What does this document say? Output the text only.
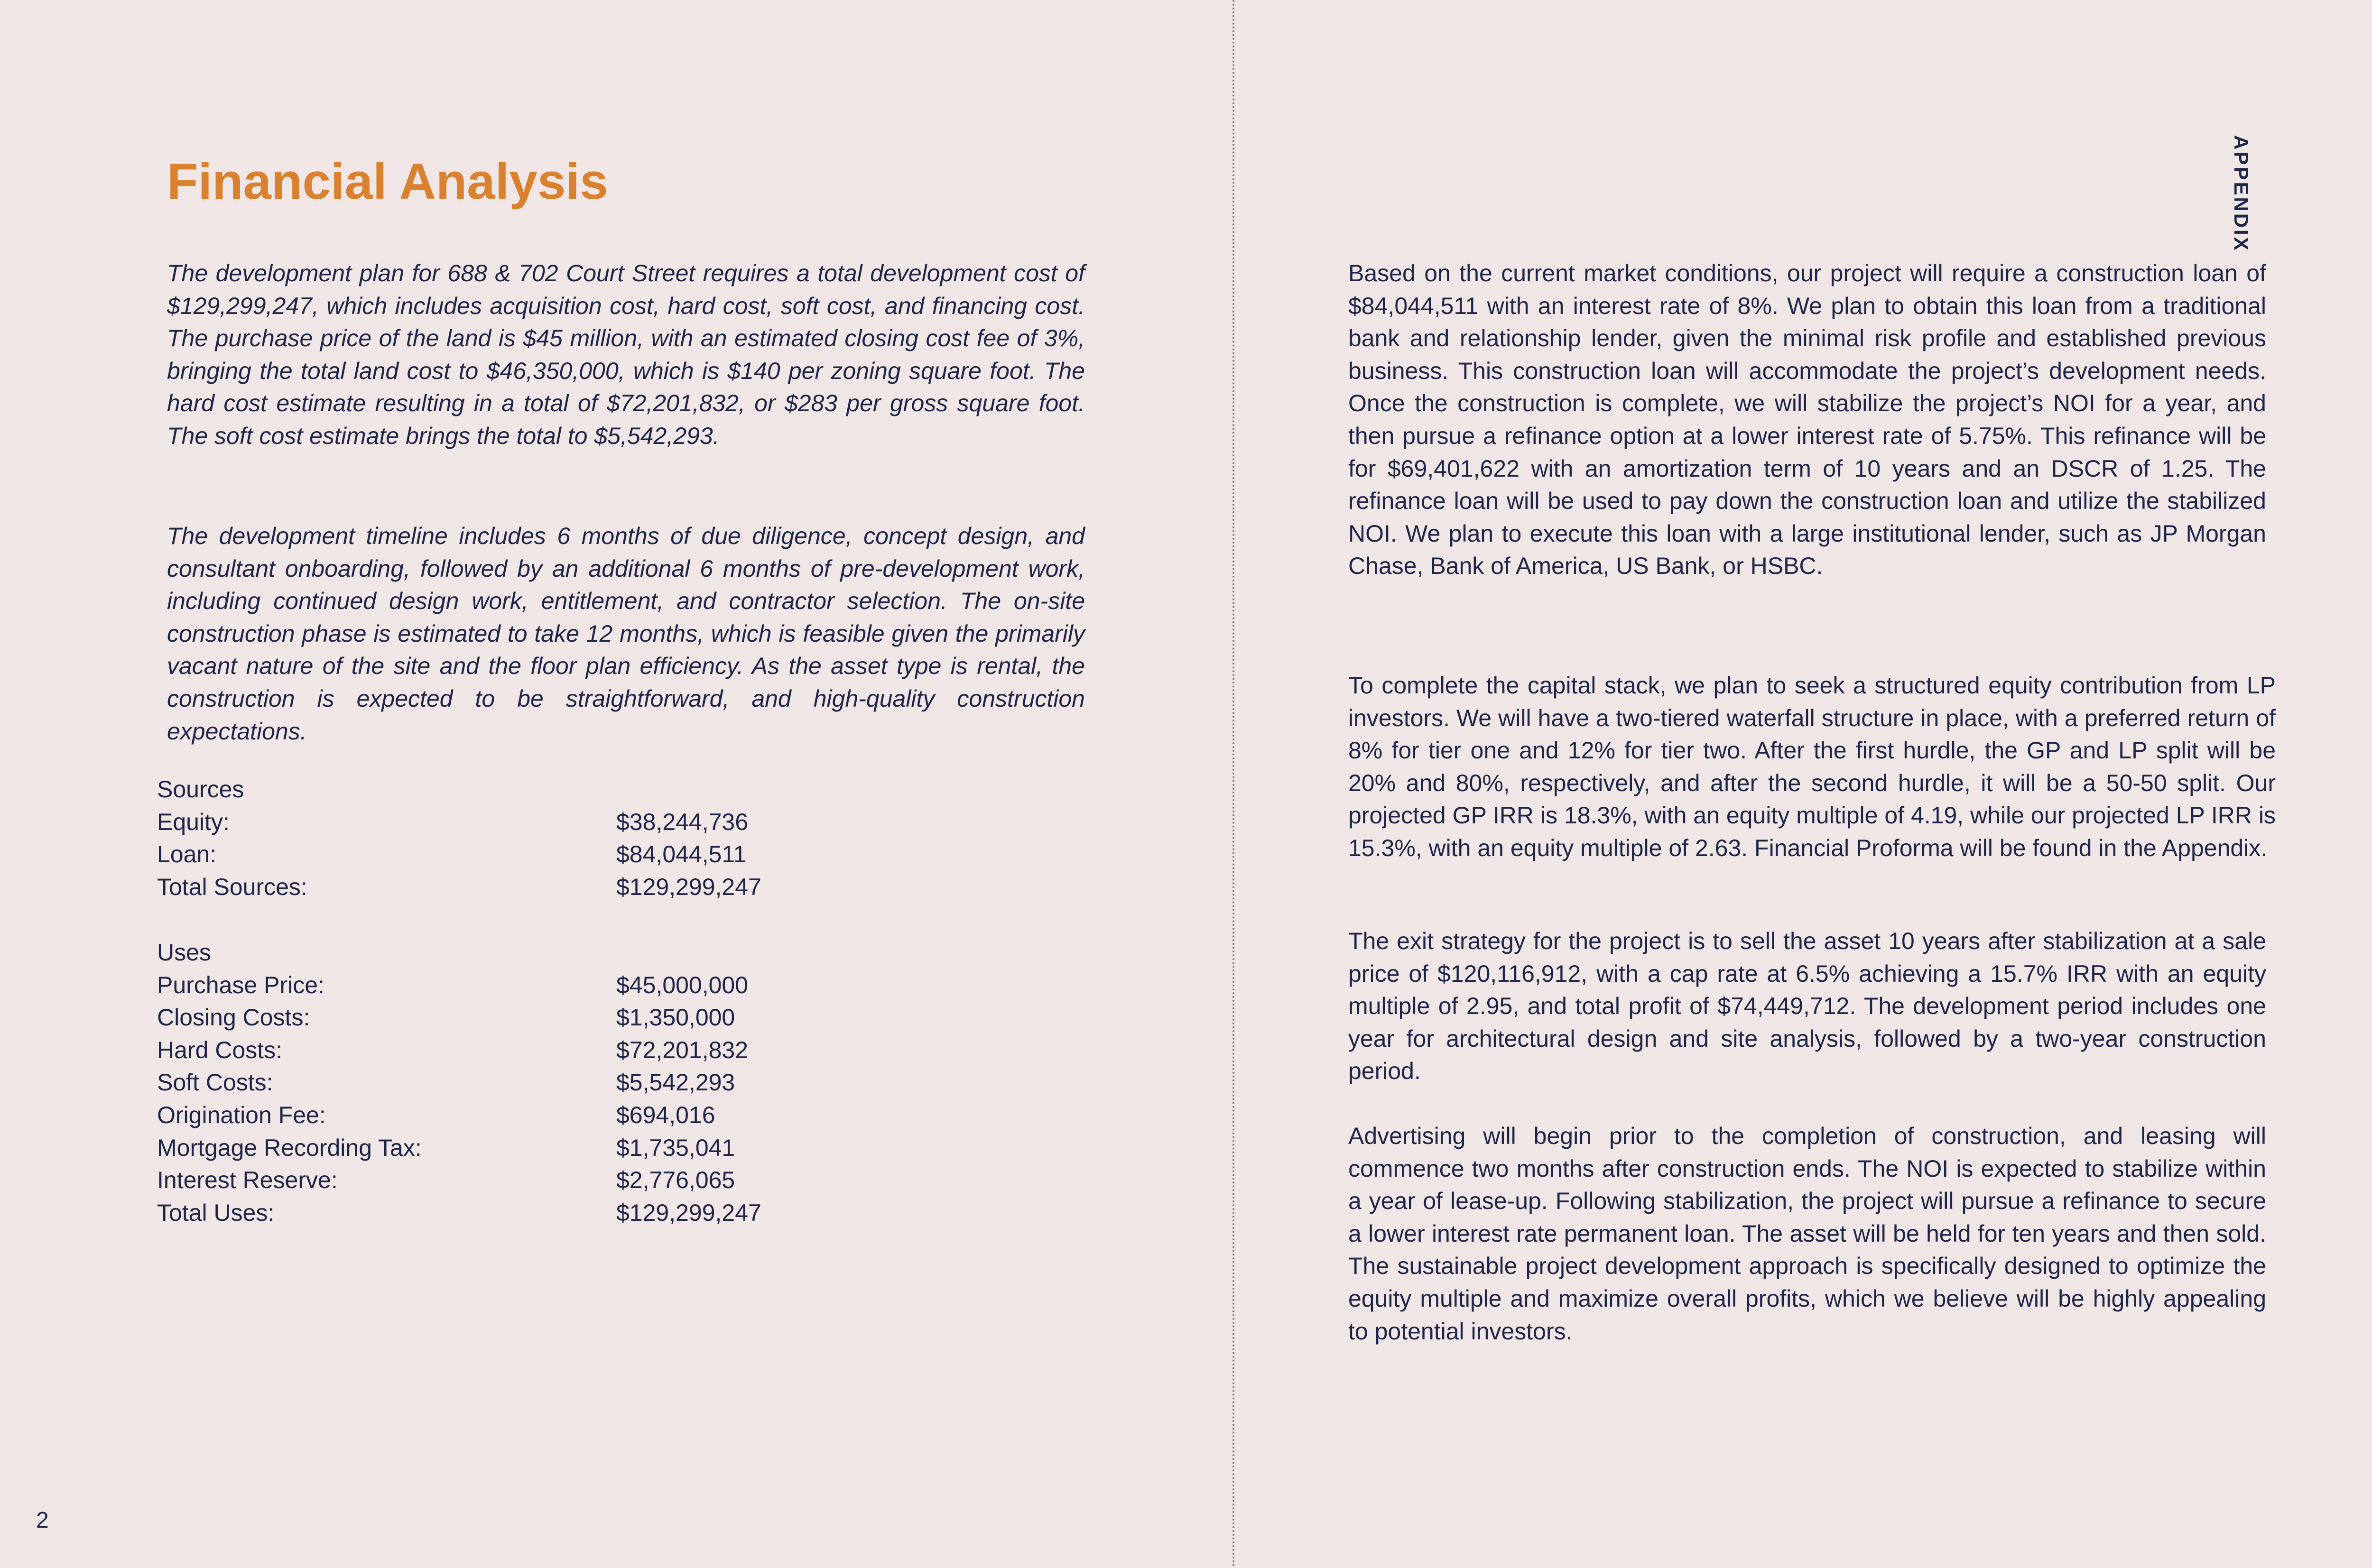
Financial Analysis

The development plan for 688 & 702 Court Street requires a total development cost of $129,299,247, which includes acquisition cost, hard cost, soft cost, and financing cost. The purchase price of the land is $45 million, with an estimated closing cost fee of 3%, bringing the total land cost to $46,350,000, which is $140 per zoning square foot. The hard cost estimate resulting in a total of $72,201,832, or $283 per gross square foot. The soft cost estimate brings the total to $5,542,293.

The development timeline includes 6 months of due diligence, concept design, and consultant onboarding, followed by an additional 6 months of pre-development work, including continued design work, entitlement, and contractor selection. The on-site construction phase is estimated to take 12 months, which is feasible given the primarily vacant nature of the site and the floor plan efficiency. As the asset type is rental, the construction is expected to be straightforward, and high-quality construction expectations.

Sources
Equity:	$38,244,736
Loan:	$84,044,511
Total Sources:	$129,299,247
Uses
Purchase Price:	$45,000,000
Closing Costs:	$1,350,000
Hard Costs:	$72,201,832
Soft Costs:	$5,542,293
Origination Fee:	$694,016
Mortgage Recording Tax:	$1,735,041
Interest Reserve:	$2,776,065
Total Uses:	$129,299,247
2
APPENDIX

Based on the current market conditions, our project will require a construction loan of $84,044,511 with an interest rate of 8%. We plan to obtain this loan from a traditional bank and relationship lender, given the minimal risk profile and established previous business. This construction loan will accommodate the project’s development needs. Once the construction is complete, we will stabilize the project’s NOI for a year, and then pursue a refinance option at a lower interest rate of 5.75%. This refinance will be for $69,401,622 with an amortization term of 10 years and an DSCR of 1.25. The refinance loan will be used to pay down the construction loan and utilize the stabilized NOI. We plan to execute this loan with a large institutional lender, such as JP Morgan Chase, Bank of America, US Bank, or HSBC.

To complete the capital stack, we plan to seek a structured equity contribution from LP investors. We will have a two-tiered waterfall structure in place, with a preferred return of 8% for tier one and 12% for tier two. After the first hurdle, the GP and LP split will be 20% and 80%, respectively, and after the second hurdle, it will be a 50-50 split. Our projected GP IRR is 18.3%, with an equity multiple of 4.19, while our projected LP IRR is 15.3%, with an equity multiple of 2.63. Financial Proforma will be found in the Appendix.

The exit strategy for the project is to sell the asset 10 years after stabilization at a sale price of $120,116,912, with a cap rate at 6.5% achieving a 15.7% IRR with an equity multiple of 2.95, and total profit of $74,449,712. The development period includes one year for architectural design and site analysis, followed by a two-year construction period.

Advertising will begin prior to the completion of construction, and leasing will commence two months after construction ends. The NOI is expected to stabilize within a year of lease-up. Following stabilization, the project will pursue a refinance to secure a lower interest rate permanent loan. The asset will be held for ten years and then sold. The sustainable project development approach is specifically designed to optimize the equity multiple and maximize overall profits, which we believe will be highly appealing to potential investors.
